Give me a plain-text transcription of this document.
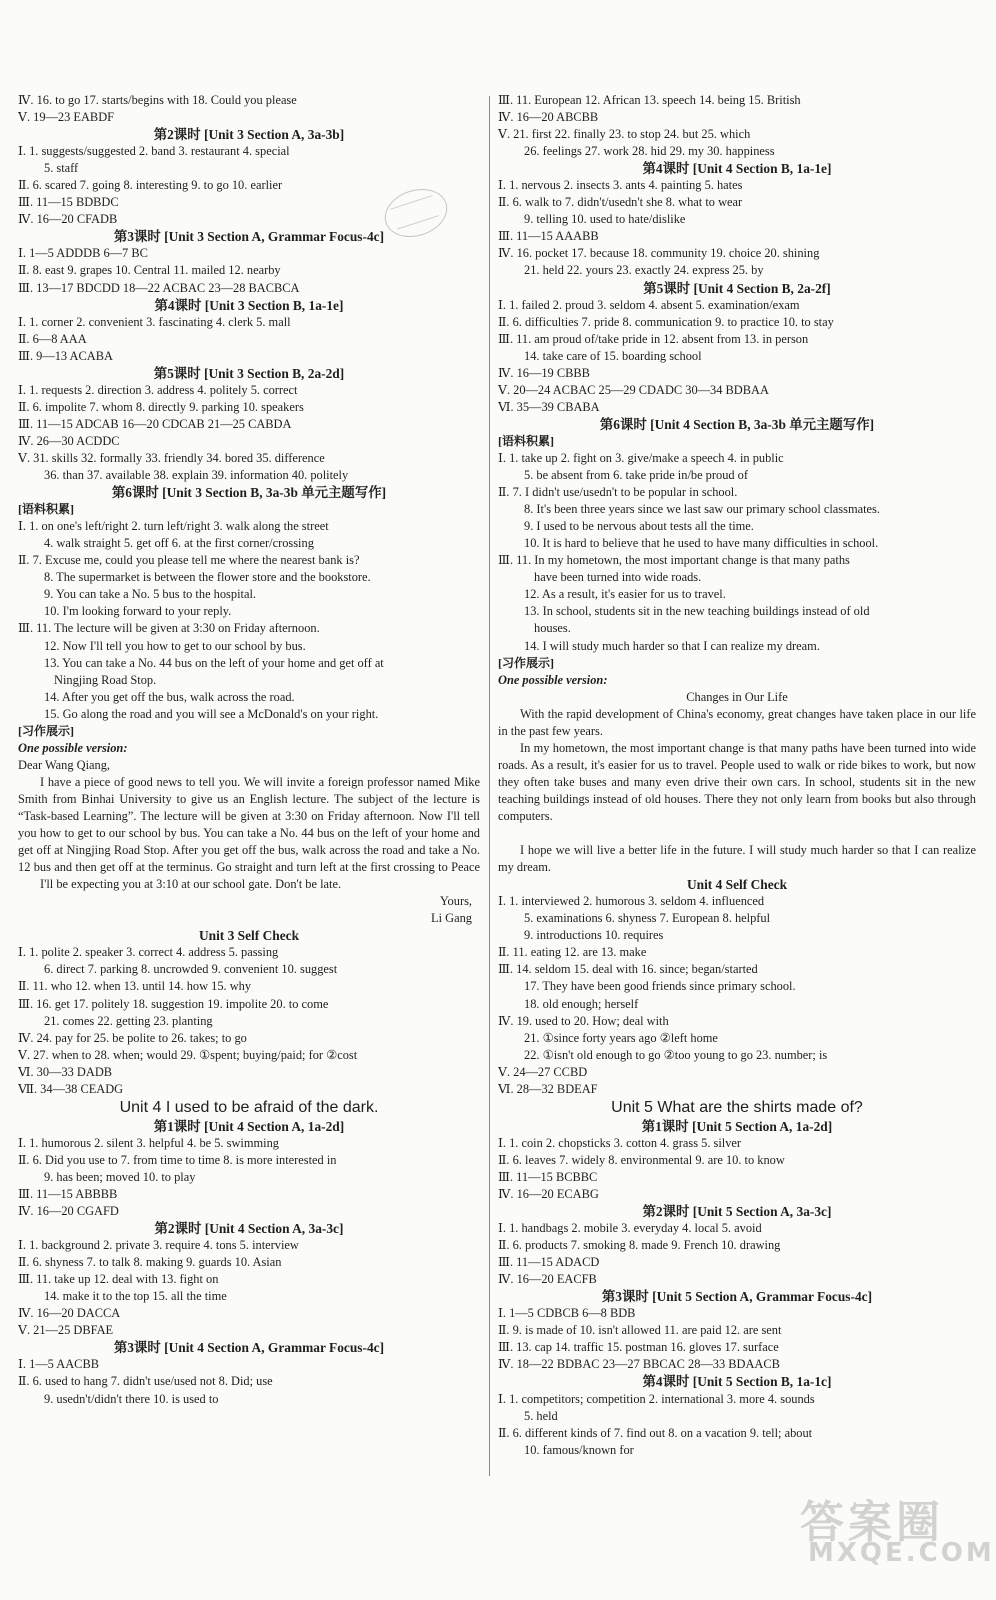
Ⅳ. 16. to go 17. starts/begins with 18. Could you please
Ⅴ. 19—23 EABDF
第2课时 [Unit 3 Section A, 3a-3b]
Ⅰ. 1. suggests/suggested 2. band 3. restaurant 4. special
5. staff
Ⅱ. 6. scared 7. going 8. interesting 9. to go 10. earlier
Ⅲ. 11—15 BDBDC
Ⅳ. 16—20 CFADB
第3课时 [Unit 3 Section A, Grammar Focus-4c]
Ⅰ. 1—5 ADDDB 6—7 BC
Ⅱ. 8. east 9. grapes 10. Central 11. mailed 12. nearby
Ⅲ. 13—17 BDCDD 18—22 ACBAC 23—28 BACBCA
第4课时 [Unit 3 Section B, 1a-1e]
Ⅰ. 1. corner 2. convenient 3. fascinating 4. clerk 5. mall
Ⅱ. 6—8 AAA
Ⅲ. 9—13 ACABA
第5课时 [Unit 3 Section B, 2a-2d]
Ⅰ. 1. requests 2. direction 3. address 4. politely 5. correct
Ⅱ. 6. impolite 7. whom 8. directly 9. parking 10. speakers
Ⅲ. 11—15 ADCAB 16—20 CDCAB 21—25 CABDA
Ⅳ. 26—30 ACDDC
Ⅴ. 31. skills 32. formally 33. friendly 34. bored 35. difference
36. than 37. available 38. explain 39. information 40. politely
第6课时 [Unit 3 Section B, 3a-3b 单元主题写作]
[语料积累]
Ⅰ. 1. on one's left/right 2. turn left/right 3. walk along the street
4. walk straight 5. get off 6. at the first corner/crossing
Ⅱ. 7. Excuse me, could you please tell me where the nearest bank is?
8. The supermarket is between the flower store and the bookstore.
9. You can take a No. 5 bus to the hospital.
10. I'm looking forward to your reply.
Ⅲ. 11. The lecture will be given at 3:30 on Friday afternoon.
12. Now I'll tell you how to get to our school by bus.
13. You can take a No. 44 bus on the left of your home and get off at
Ningjing Road Stop.
14. After you get off the bus, walk across the road.
15. Go along the road and you will see a McDonald's on your right.
[习作展示]
One possible version:
Dear Wang Qiang,
I have a piece of good news to tell you. We will invite a foreign professor named Mike Smith from Binhai University to give us an English lecture. The subject of the lecture is “Task-based Learning”. The lecture will be given at 3:30 on Friday afternoon. Now I'll tell you how to get to our school by bus. You can take a No. 44 bus on the left of your home and get off at Ningjing Road Stop. After you get off the bus, walk across the road and take a No. 12 bus and then get off at the terminus. Go straight and turn left at the first crossing to Peace
I'll be expecting you at 3:10 at our school gate. Don't be late.
Yours,
Li Gang
Unit 3 Self Check
Ⅰ. 1. polite 2. speaker 3. correct 4. address 5. passing
6. direct 7. parking 8. uncrowded 9. convenient 10. suggest
Ⅱ. 11. who 12. when 13. until 14. how 15. why
Ⅲ. 16. get 17. politely 18. suggestion 19. impolite 20. to come
21. comes 22. getting 23. planting
Ⅳ. 24. pay for 25. be polite to 26. takes; to go
Ⅴ. 27. when to 28. when; would 29. ①spent; buying/paid; for ②cost
Ⅵ. 30—33 DADB
Ⅶ. 34—38 CEADG
Unit 4 I used to be afraid of the dark.
第1课时 [Unit 4 Section A, 1a-2d]
Ⅰ. 1. humorous 2. silent 3. helpful 4. be 5. swimming
Ⅱ. 6. Did you use to 7. from time to time 8. is more interested in
9. has been; moved 10. to play
Ⅲ. 11—15 ABBBB
Ⅳ. 16—20 CGAFD
第2课时 [Unit 4 Section A, 3a-3c]
Ⅰ. 1. background 2. private 3. require 4. tons 5. interview
Ⅱ. 6. shyness 7. to talk 8. making 9. guards 10. Asian
Ⅲ. 11. take up 12. deal with 13. fight on
14. make it to the top 15. all the time
Ⅳ. 16—20 DACCA
Ⅴ. 21—25 DBFAE
第3课时 [Unit 4 Section A, Grammar Focus-4c]
Ⅰ. 1—5 AACBB
Ⅱ. 6. used to hang 7. didn't use/used not 8. Did; use
9. usedn't/didn't there 10. is used to
Ⅲ. 11. European 12. African 13. speech 14. being 15. British
Ⅳ. 16—20 ABCBB
Ⅴ. 21. first 22. finally 23. to stop 24. but 25. which
26. feelings 27. work 28. hid 29. my 30. happiness
第4课时 [Unit 4 Section B, 1a-1e]
Ⅰ. 1. nervous 2. insects 3. ants 4. painting 5. hates
Ⅱ. 6. walk to 7. didn't/usedn't she 8. what to wear
9. telling 10. used to hate/dislike
Ⅲ. 11—15 AAABB
Ⅳ. 16. pocket 17. because 18. community 19. choice 20. shining
21. held 22. yours 23. exactly 24. express 25. by
第5课时 [Unit 4 Section B, 2a-2f]
Ⅰ. 1. failed 2. proud 3. seldom 4. absent 5. examination/exam
Ⅱ. 6. difficulties 7. pride 8. communication 9. to practice 10. to stay
Ⅲ. 11. am proud of/take pride in 12. absent from 13. in person
14. take care of 15. boarding school
Ⅳ. 16—19 CBBB
Ⅴ. 20—24 ACBAC 25—29 CDADC 30—34 BDBAA
Ⅵ. 35—39 CBABA
第6课时 [Unit 4 Section B, 3a-3b 单元主题写作]
[语料积累]
Ⅰ. 1. take up 2. fight on 3. give/make a speech 4. in public
5. be absent from 6. take pride in/be proud of
Ⅱ. 7. I didn't use/usedn't to be popular in school.
8. It's been three years since we last saw our primary school classmates.
9. I used to be nervous about tests all the time.
10. It is hard to believe that he used to have many difficulties in school.
Ⅲ. 11. In my hometown, the most important change is that many paths
have been turned into wide roads.
12. As a result, it's easier for us to travel.
13. In school, students sit in the new teaching buildings instead of old
houses.
14. I will study much harder so that I can realize my dream.
[习作展示]
One possible version:
Changes in Our Life
With the rapid development of China's economy, great changes have taken place in our life in the past few years.
In my hometown, the most important change is that many paths have been turned into wide roads. As a result, it's easier for us to travel. People used to walk or ride bikes to work, but now they often take buses and many even drive their own cars. In school, students sit in the new teaching buildings instead of old houses. There they not only learn from books but also through computers.
I hope we will live a better life in the future. I will study much harder so that I can realize my dream.
Unit 4 Self Check
Ⅰ. 1. interviewed 2. humorous 3. seldom 4. influenced
5. examinations 6. shyness 7. European 8. helpful
9. introductions 10. requires
Ⅱ. 11. eating 12. are 13. make
Ⅲ. 14. seldom 15. deal with 16. since; began/started
17. They have been good friends since primary school.
18. old enough; herself
Ⅳ. 19. used to 20. How; deal with
21. ①since forty years ago ②left home
22. ①isn't old enough to go ②too young to go 23. number; is
Ⅴ. 24—27 CCBD
Ⅵ. 28—32 BDEAF
Unit 5 What are the shirts made of?
第1课时 [Unit 5 Section A, 1a-2d]
Ⅰ. 1. coin 2. chopsticks 3. cotton 4. grass 5. silver
Ⅱ. 6. leaves 7. widely 8. environmental 9. are 10. to know
Ⅲ. 11—15 BCBBC
Ⅳ. 16—20 ECABG
第2课时 [Unit 5 Section A, 3a-3c]
Ⅰ. 1. handbags 2. mobile 3. everyday 4. local 5. avoid
Ⅱ. 6. products 7. smoking 8. made 9. French 10. drawing
Ⅲ. 11—15 ADACD
Ⅳ. 16—20 EACFB
第3课时 [Unit 5 Section A, Grammar Focus-4c]
Ⅰ. 1—5 CDBCB 6—8 BDB
Ⅱ. 9. is made of 10. isn't allowed 11. are paid 12. are sent
Ⅲ. 13. cap 14. traffic 15. postman 16. gloves 17. surface
Ⅳ. 18—22 BDBAC 23—27 BBCAC 28—33 BDAACB
第4课时 [Unit 5 Section B, 1a-1c]
Ⅰ. 1. competitors; competition 2. international 3. more 4. sounds
5. held
Ⅱ. 6. different kinds of 7. find out 8. on a vacation 9. tell; about
10. famous/known for
答案圈
MXQE.COM
